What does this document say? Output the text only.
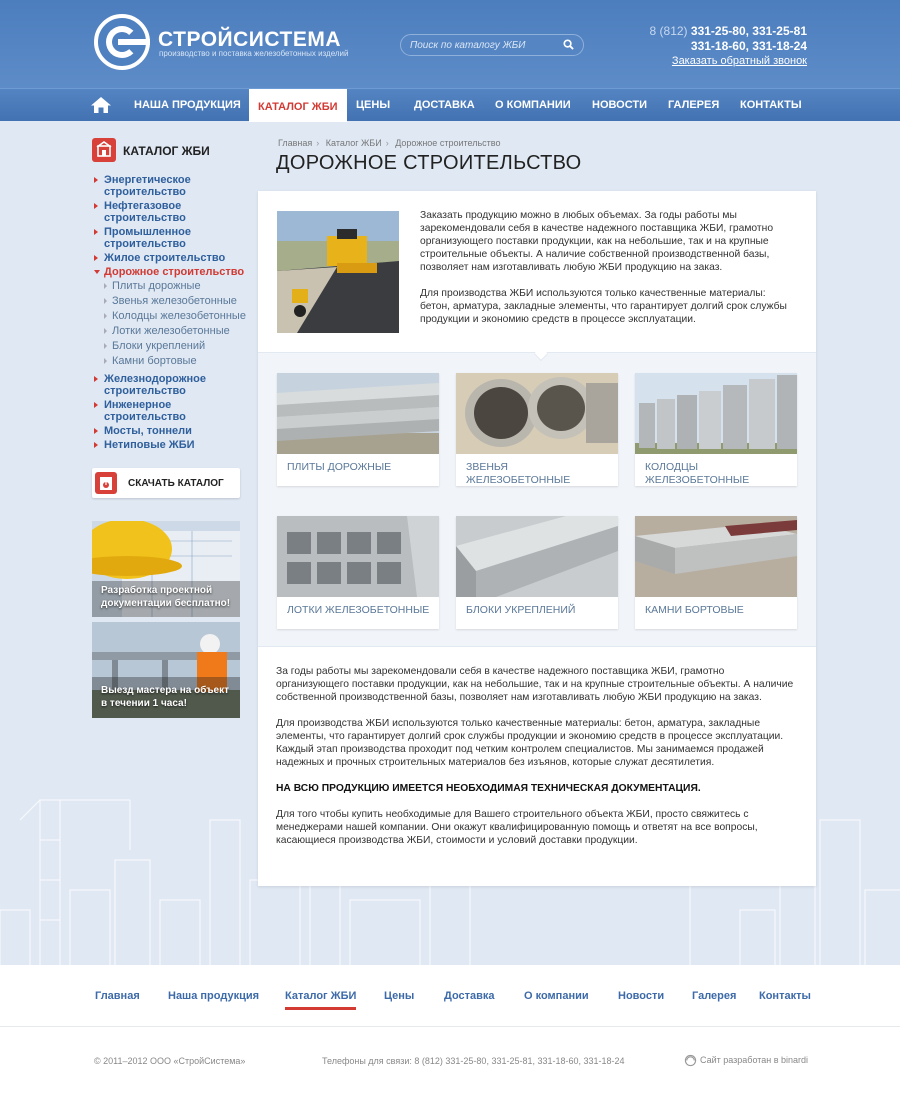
СТРОЙСИСТЕМА
производство и поставка железобетонных изделий
Поиск по каталогу ЖБИ
8 (812) 331-25-80, 331-25-81
331-18-60, 331-18-24
Заказать обратный звонок
НАША ПРОДУКЦИЯ	КАТАЛОГ ЖБИ	ЦЕНЫ	ДОСТАВКА	О КОМПАНИИ	НОВОСТИ	ГАЛЕРЕЯ	КОНТАКТЫ
КАТАЛОГ ЖБИ
Энергетическое строительство
Нефтегазовое строительство
Промышленное строительство
Жилое строительство
Дорожное строительство
Плиты дорожные
Звенья железобетонные
Колодцы железобетонные
Лотки железобетонные
Блоки укреплений
Камни бортовые
Железнодорожное строительство
Инженерное строительство
Мосты, тоннели
Нетиповые ЖБИ
СКАЧАТЬ КАТАЛОГ
Разработка проектной
документации бесплатно!
Выезд мастера на объект
в течении 1 часа!
Главная › Каталог ЖБИ › Дорожное строительство
ДОРОЖНОЕ СТРОИТЕЛЬСТВО

Заказать продукцию можно в любых объемах. За годы работы мы зарекомендовали себя в качестве надежного поставщика ЖБИ, грамотно организующего поставки продукции, как на небольшие, так и на крупные строительные объекты. А наличие собственной производственной базы, позволяет нам изготавливать любую ЖБИ продукцию на заказ.

Для производства ЖБИ используются только качественные материалы: бетон, арматура, закладные элементы, что гарантирует долгий срок службы продукции и экономию средств в процессе эксплуатации.

ПЛИТЫ ДОРОЖНЫЕ	ЗВЕНЬЯ ЖЕЛЕЗОБЕТОННЫЕ
КОЛОДЦЫ ЖЕЛЕЗОБЕТОННЫЕ
ЛОТКИ ЖЕЛЕЗОБЕТОННЫЕ	БЛОКИ УКРЕПЛЕНИЙ	КАМНИ БОРТОВЫЕ

За годы работы мы зарекомендовали себя в качестве надежного поставщика ЖБИ, грамотно организующего поставки продукции, как на небольшие, так и на крупные строительные объекты. А наличие собственной производственной базы, позволяет нам изготавливать любую ЖБИ продукцию на заказ.

Для производства ЖБИ используются только качественные материалы: бетон, арматура, закладные элементы, что гарантирует долгий срок службы продукции и экономию средств в процессе эксплуатации. Каждый этап производства проходит под четким контролем специалистов. Мы занимаемся продажей надежных и прочных строительных материалов без изъянов, которые служат десятилетия.

НА ВСЮ ПРОДУКЦИЮ ИМЕЕТСЯ НЕОБХОДИМАЯ ТЕХНИЧЕСКАЯ ДОКУМЕНТАЦИЯ.

Для того чтобы купить необходимые для Вашего строительного объекта ЖБИ, просто свяжитесь с менеджерами нашей компании. Они окажут квалифицированную помощь и ответят на все вопросы, касающиеся производства ЖБИ, стоимости и условий доставки продукции.

Главная	Наша продукция Каталог ЖБИ	Цены	Доставка	О компании	Новости	Галерея Контакты
© 2011–2012 ООО «СтройСистема»	Телефоны для связи: 8 (812) 331-25-80, 331-25-81, 331-18-60, 331-18-24	Сайт разработан в binardi
